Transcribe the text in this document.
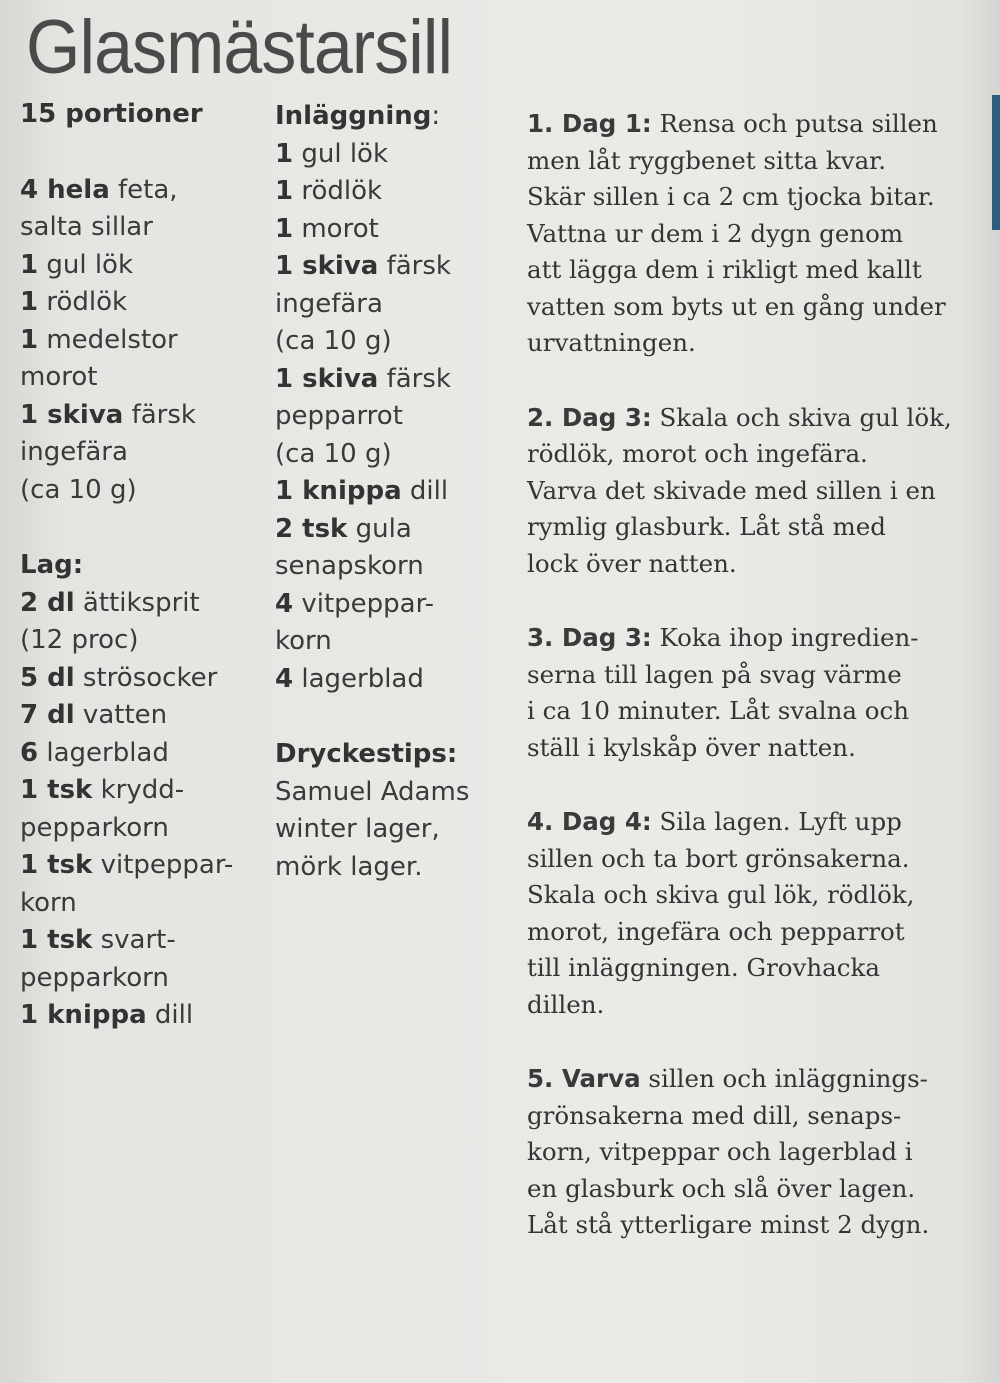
Glasmästarsill
15 portioner
4 hela feta,
salta sillar
1 gul lök
1 rödlök
1 medelstor
morot
1 skiva färsk
ingefära
(ca 10 g)
Lag:
2 dl ättiksprit
(12 proc)
5 dl strösocker
7 dl vatten
6 lagerblad
1 tsk krydd-
pepparkorn
1 tsk vitpeppar-
korn
1 tsk svart-
pepparkorn
1 knippa dill
Inläggning:
1 gul lök
1 rödlök
1 morot
1 skiva färsk
ingefära
(ca 10 g)
1 skiva färsk
pepparrot
(ca 10 g)
1 knippa dill
2 tsk gula
senapskorn
4 vitpeppar-
korn
4 lagerblad
Dryckestips:
Samuel Adams
winter lager,
mörk lager.
1. Dag 1: Rensa och putsa sillen
men låt ryggbenet sitta kvar.
Skär sillen i ca 2 cm tjocka bitar.
Vattna ur dem i 2 dygn genom
att lägga dem i rikligt med kallt
vatten som byts ut en gång under
urvattningen.
2. Dag 3: Skala och skiva gul lök,
rödlök, morot och ingefära.
Varva det skivade med sillen i en
rymlig glasburk. Låt stå med
lock över natten.
3. Dag 3: Koka ihop ingredien-
serna till lagen på svag värme
i ca 10 minuter. Låt svalna och
ställ i kylskåp över natten.
4. Dag 4: Sila lagen. Lyft upp
sillen och ta bort grönsakerna.
Skala och skiva gul lök, rödlök,
morot, ingefära och pepparrot
till inläggningen. Grovhacka
dillen.
5. Varva sillen och inläggnings-
grönsakerna med dill, senaps-
korn, vitpeppar och lagerblad i
en glasburk och slå över lagen.
Låt stå ytterligare minst 2 dygn.
